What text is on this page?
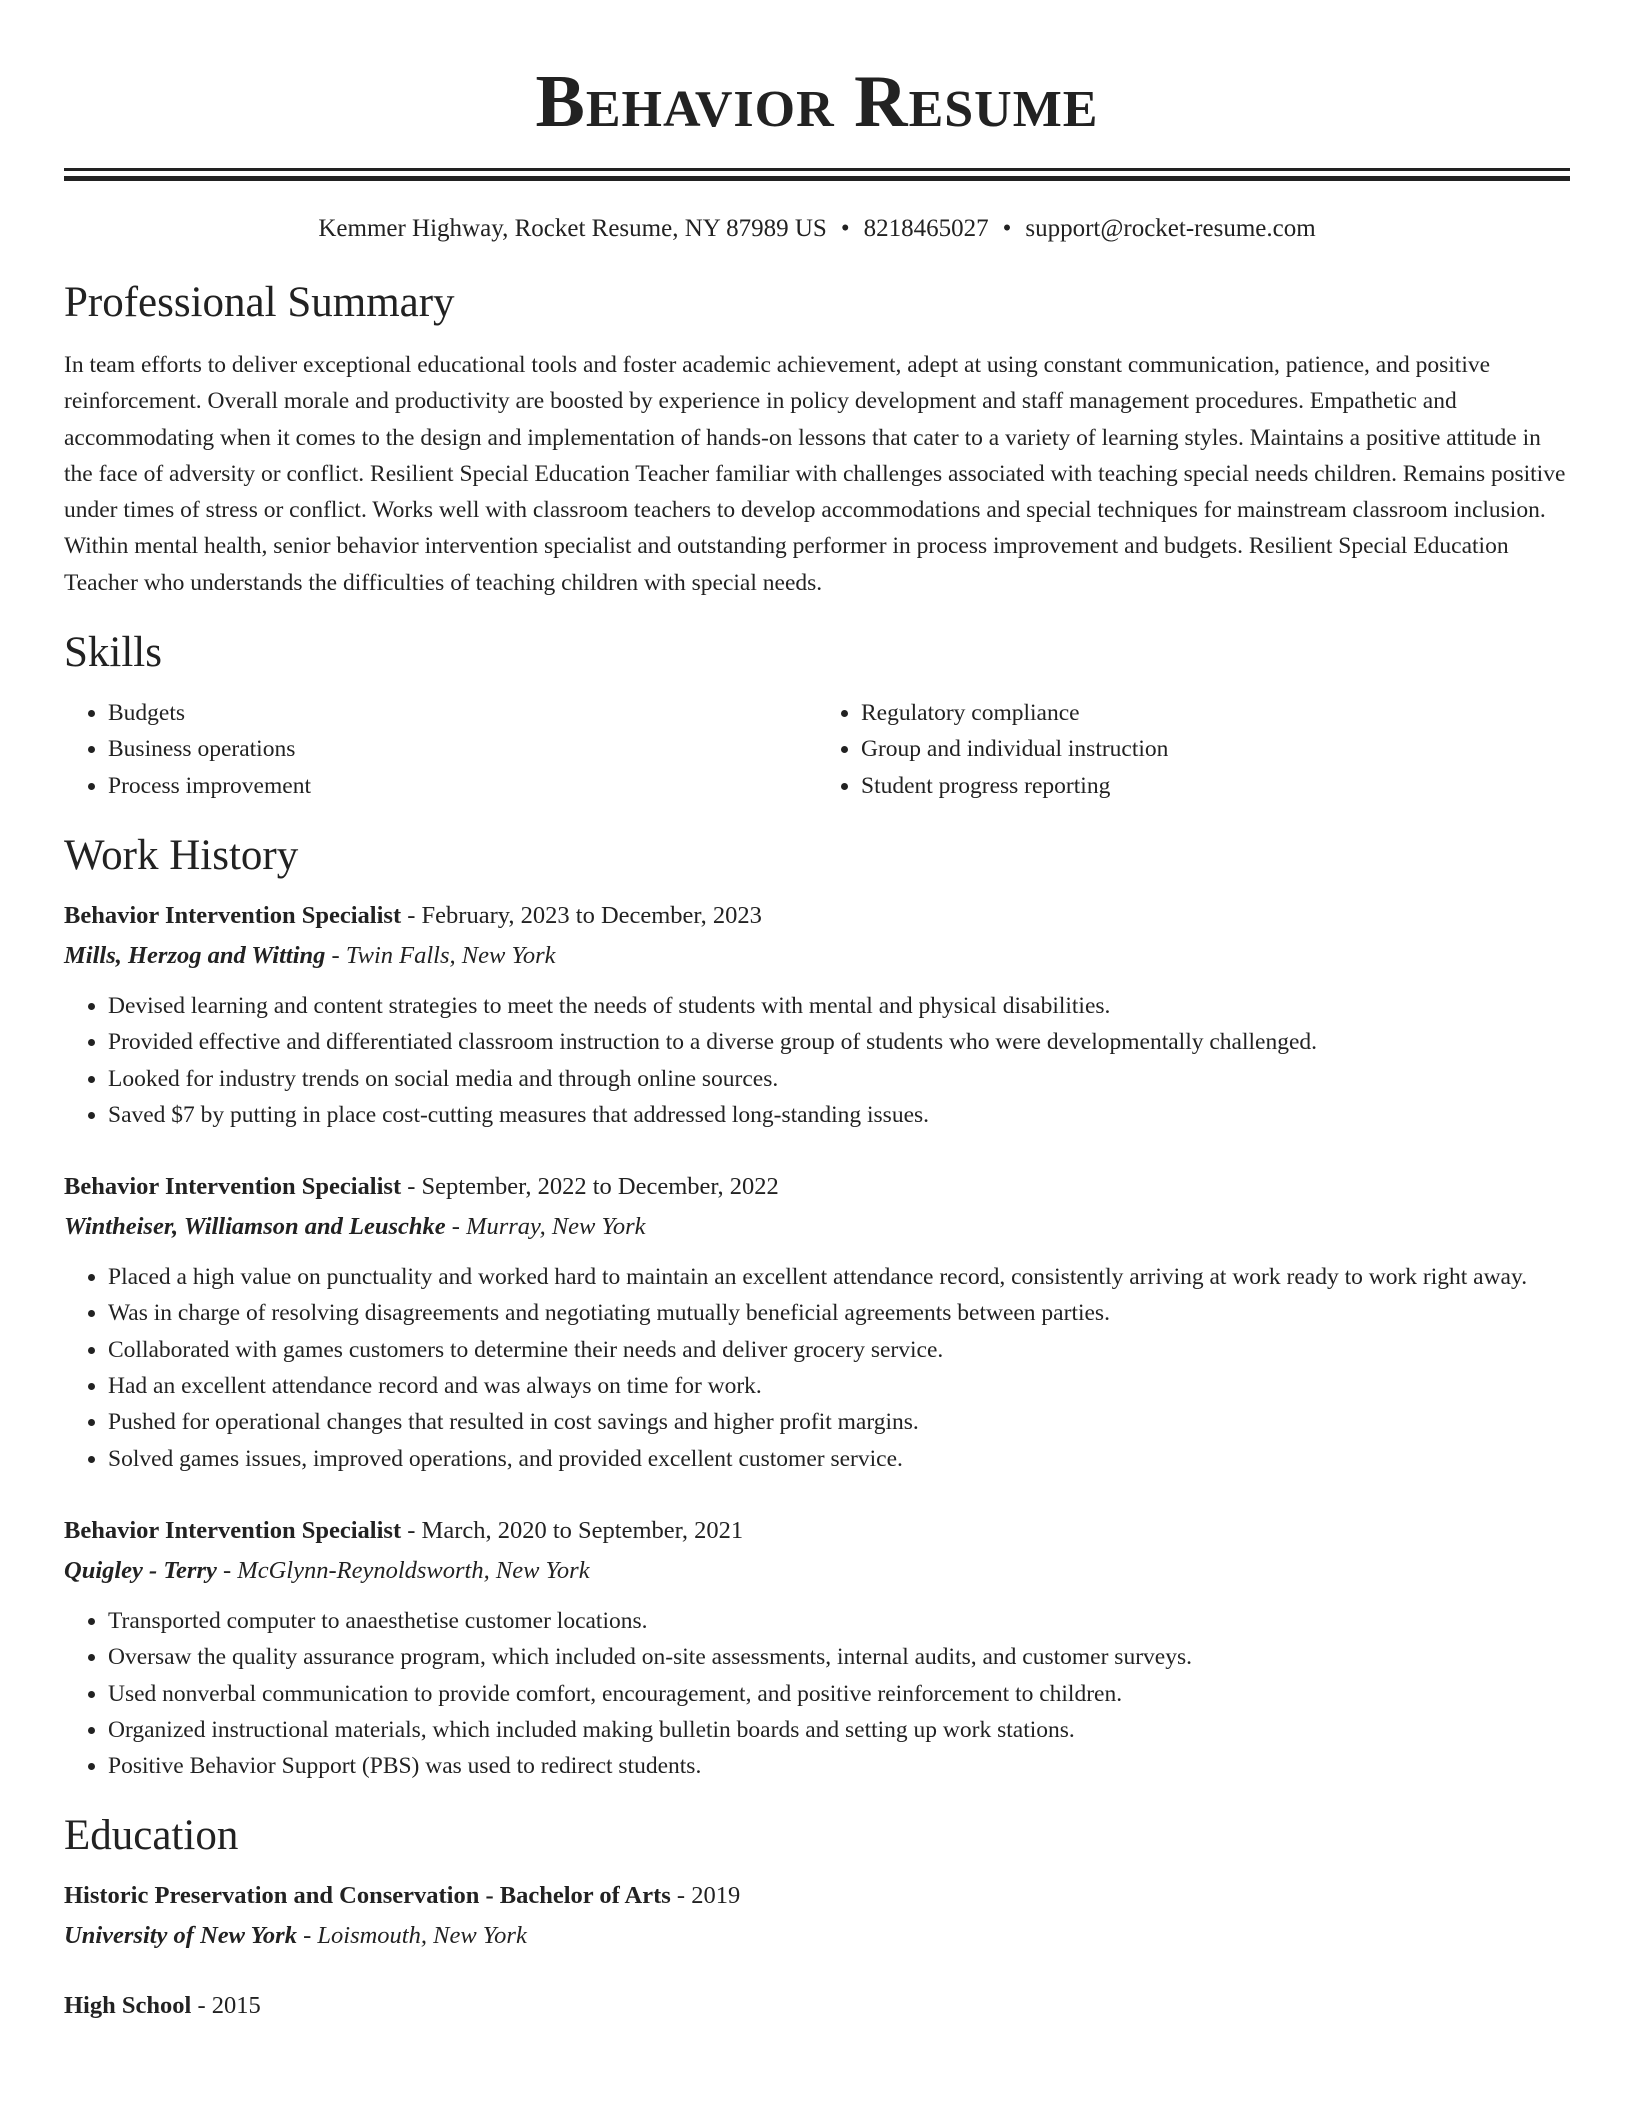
Behavior Resume
Kemmer Highway, Rocket Resume, NY 87989 US • 8218465027 • support@rocket-resume.com
Professional Summary
In team efforts to deliver exceptional educational tools and foster academic achievement, adept at using constant communication, patience, and positive reinforcement. Overall morale and productivity are boosted by experience in policy development and staff management procedures. Empathetic and accommodating when it comes to the design and implementation of hands-on lessons that cater to a variety of learning styles. Maintains a positive attitude in the face of adversity or conflict. Resilient Special Education Teacher familiar with challenges associated with teaching special needs children. Remains positive under times of stress or conflict. Works well with classroom teachers to develop accommodations and special techniques for mainstream classroom inclusion. Within mental health, senior behavior intervention specialist and outstanding performer in process improvement and budgets. Resilient Special Education Teacher who understands the difficulties of teaching children with special needs.
Skills
• Budgets
• Business operations
• Process improvement
• Regulatory compliance
• Group and individual instruction
• Student progress reporting
Work History
Behavior Intervention Specialist - February, 2023 to December, 2023
Mills, Herzog and Witting - Twin Falls, New York
• Devised learning and content strategies to meet the needs of students with mental and physical disabilities.
• Provided effective and differentiated classroom instruction to a diverse group of students who were developmentally challenged.
• Looked for industry trends on social media and through online sources.
• Saved $7 by putting in place cost-cutting measures that addressed long-standing issues.
Behavior Intervention Specialist - September, 2022 to December, 2022
Wintheiser, Williamson and Leuschke - Murray, New York
• Placed a high value on punctuality and worked hard to maintain an excellent attendance record, consistently arriving at work ready to work right away.
• Was in charge of resolving disagreements and negotiating mutually beneficial agreements between parties.
• Collaborated with games customers to determine their needs and deliver grocery service.
• Had an excellent attendance record and was always on time for work.
• Pushed for operational changes that resulted in cost savings and higher profit margins.
• Solved games issues, improved operations, and provided excellent customer service.
Behavior Intervention Specialist - March, 2020 to September, 2021
Quigley - Terry - McGlynn-Reynoldsworth, New York
• Transported computer to anaesthetise customer locations.
• Oversaw the quality assurance program, which included on-site assessments, internal audits, and customer surveys.
• Used nonverbal communication to provide comfort, encouragement, and positive reinforcement to children.
• Organized instructional materials, which included making bulletin boards and setting up work stations.
• Positive Behavior Support (PBS) was used to redirect students.
Education
Historic Preservation and Conservation - Bachelor of Arts - 2019
University of New York - Loismouth, New York
High School - 2015
